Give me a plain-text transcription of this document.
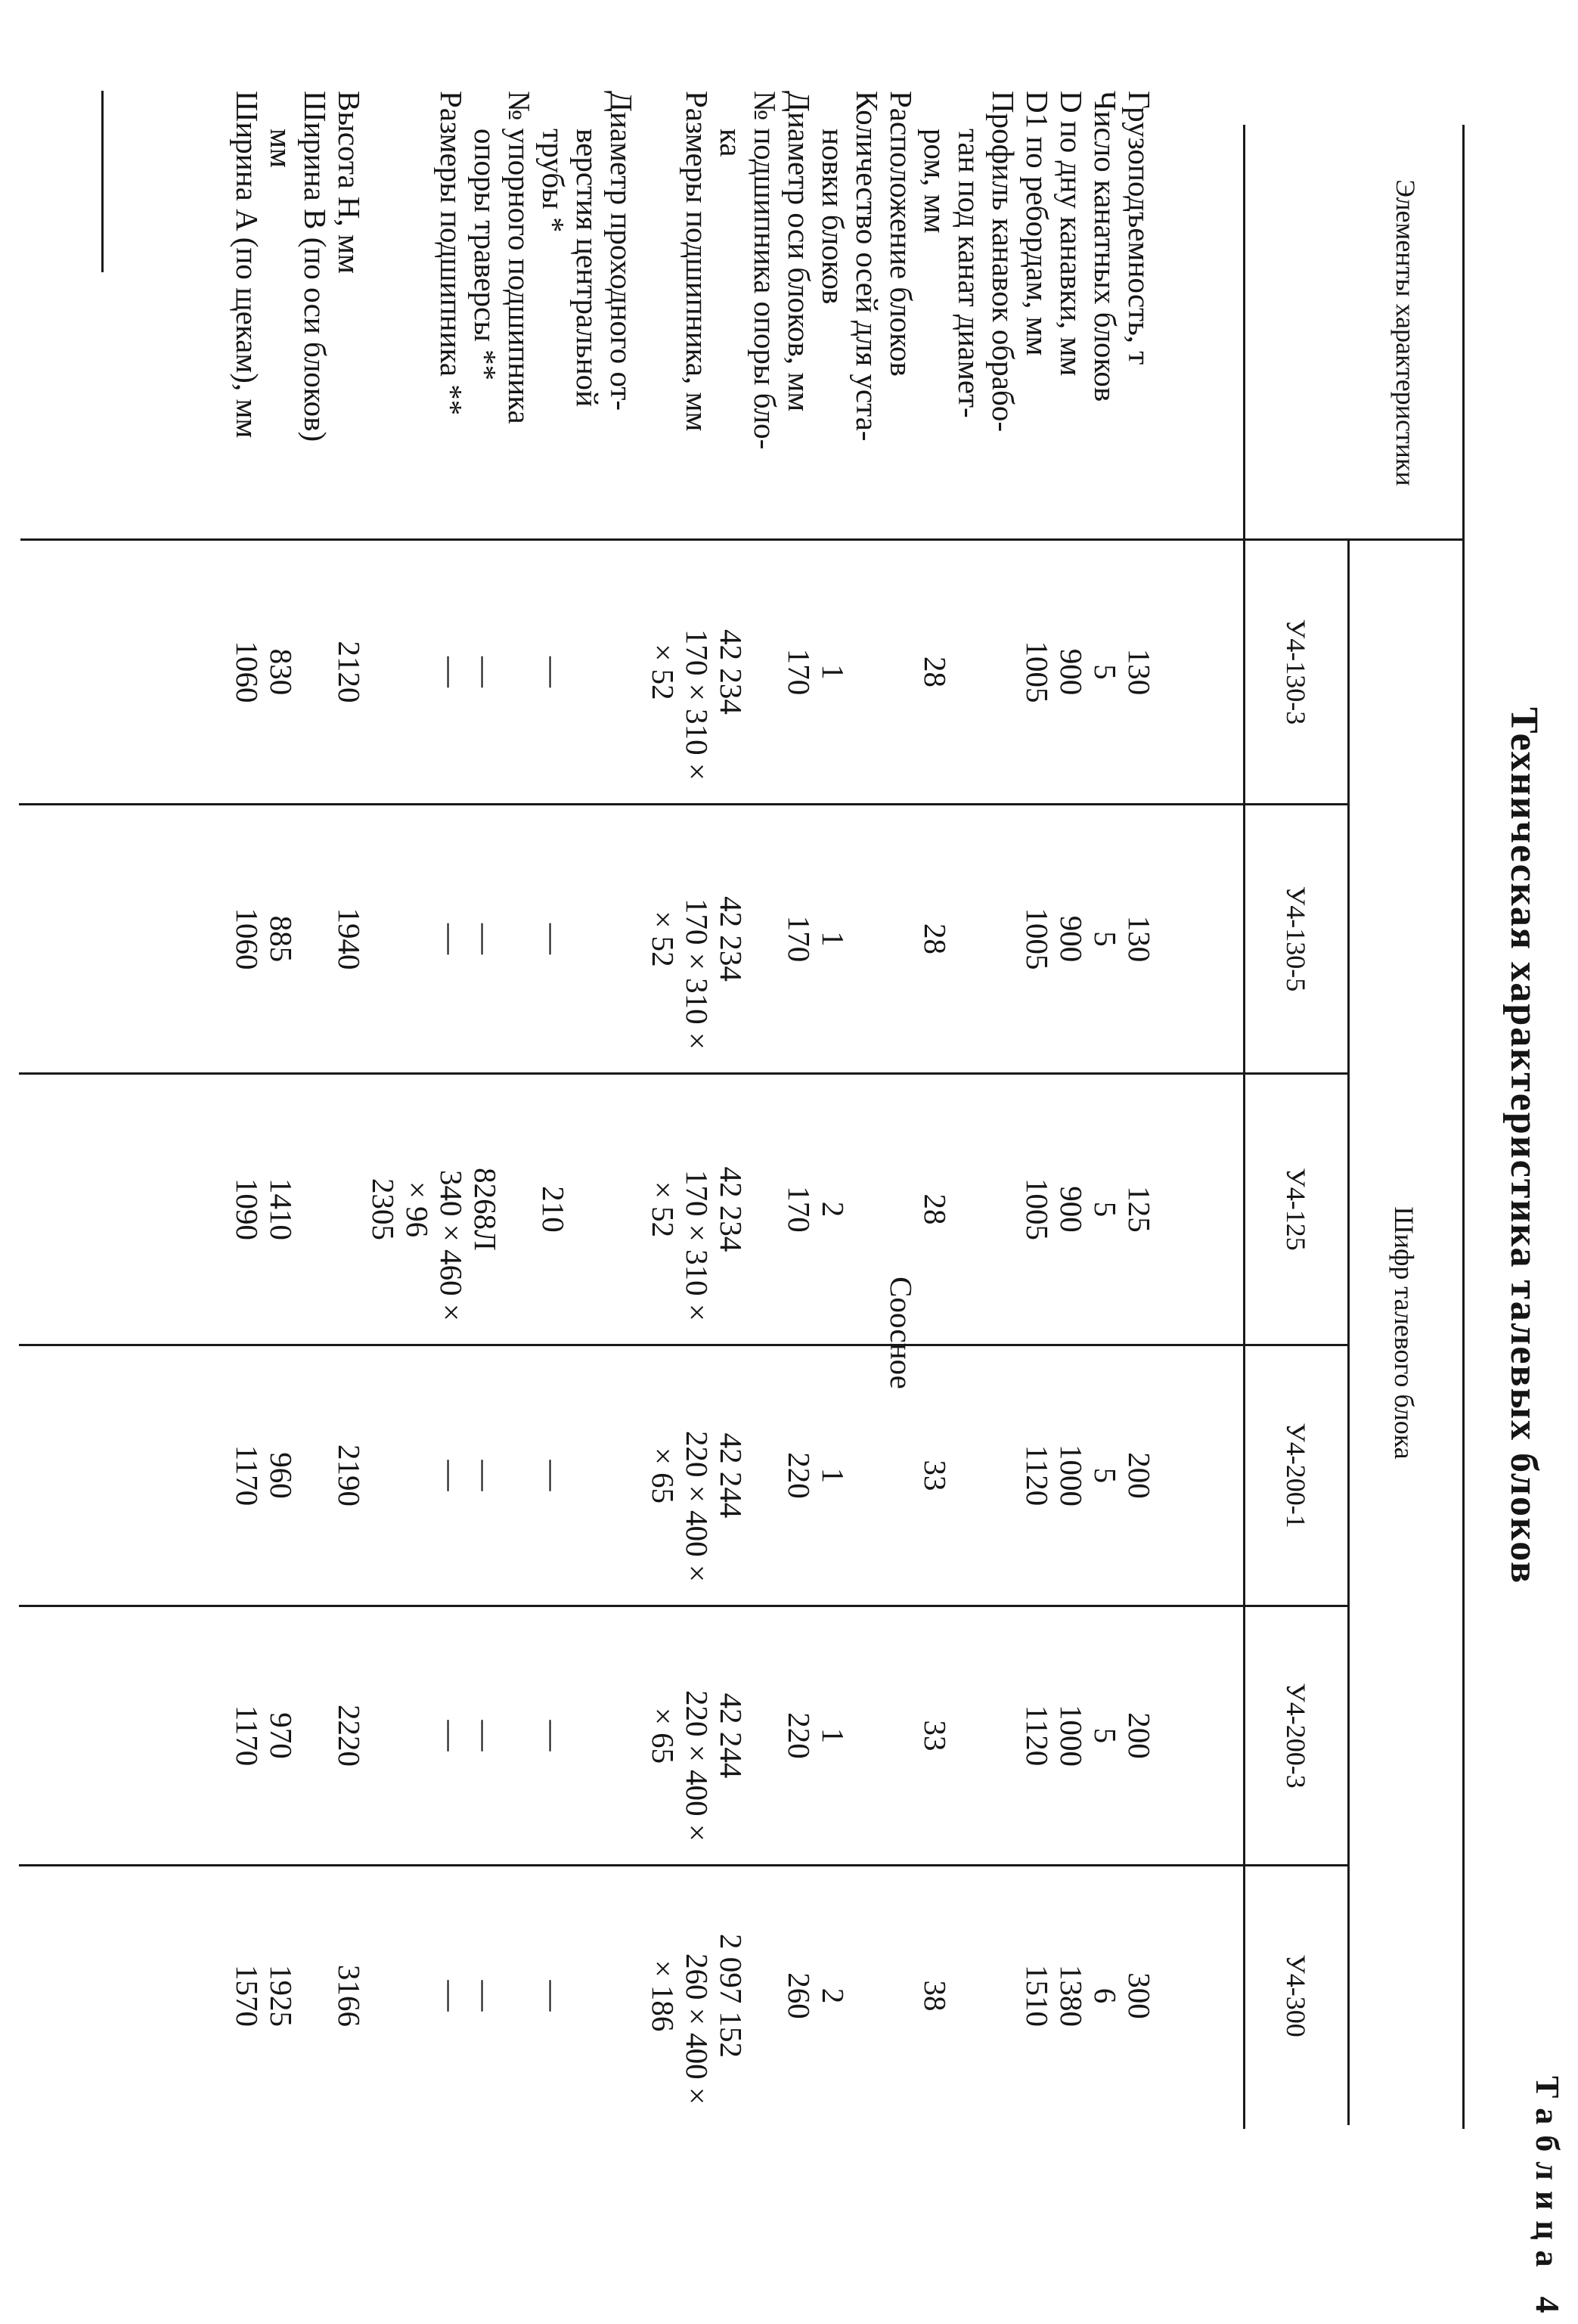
Таблица 4
Техническая характеристика талевых блоков
Элементы характеристики
Шифр талевого блока
У4-130-3
У4-130-5
У4-125
У4-200-1
У4-200-3
У4-300
Грузоподъемность, т
Число канатных блоков
D по дну канавки, мм
D1 по ребордам, мм
Профиль канавок обрабо-
тан под канат диамет-
ром, мм
Расположение блоков
Количество осей для уста-
новки блоков
Диаметр оси блоков, мм
№ подшипника опоры бло-
ка
Размеры подшипника, мм
Диаметр проходного от-
верстия центральной
трубы *
№ упорного подшипника
опоры траверсы **
Размеры подшипника **
Высота H, мм
Ширина B (по оси блоков)
мм
Ширина A (по щекам), мм
130
5
900
1005
28
1
170
42 234
170 × 310 ×
× 52
—
—
—
2120
830
1060
130
5
900
1005
28
1
170
42 234
170 × 310 ×
× 52
—
—
—
1940
885
1060
125
5
900
1005
28
2
170
42 234
170 × 310 ×
× 52
210
8268Л
340 × 460 ×
× 96
2305
1410
1090
200
5
1000
1120
33
1
220
42 244
220 × 400 ×
× 65
—
—
—
2190
960
1170
200
5
1000
1120
33
1
220
42 244
220 × 400 ×
× 65
—
—
—
2220
970
1170
300
6
1380
1510
38
2
260
2 097 152
260 × 400 ×
× 186
—
—
—
3166
1925
1570
Соосное
